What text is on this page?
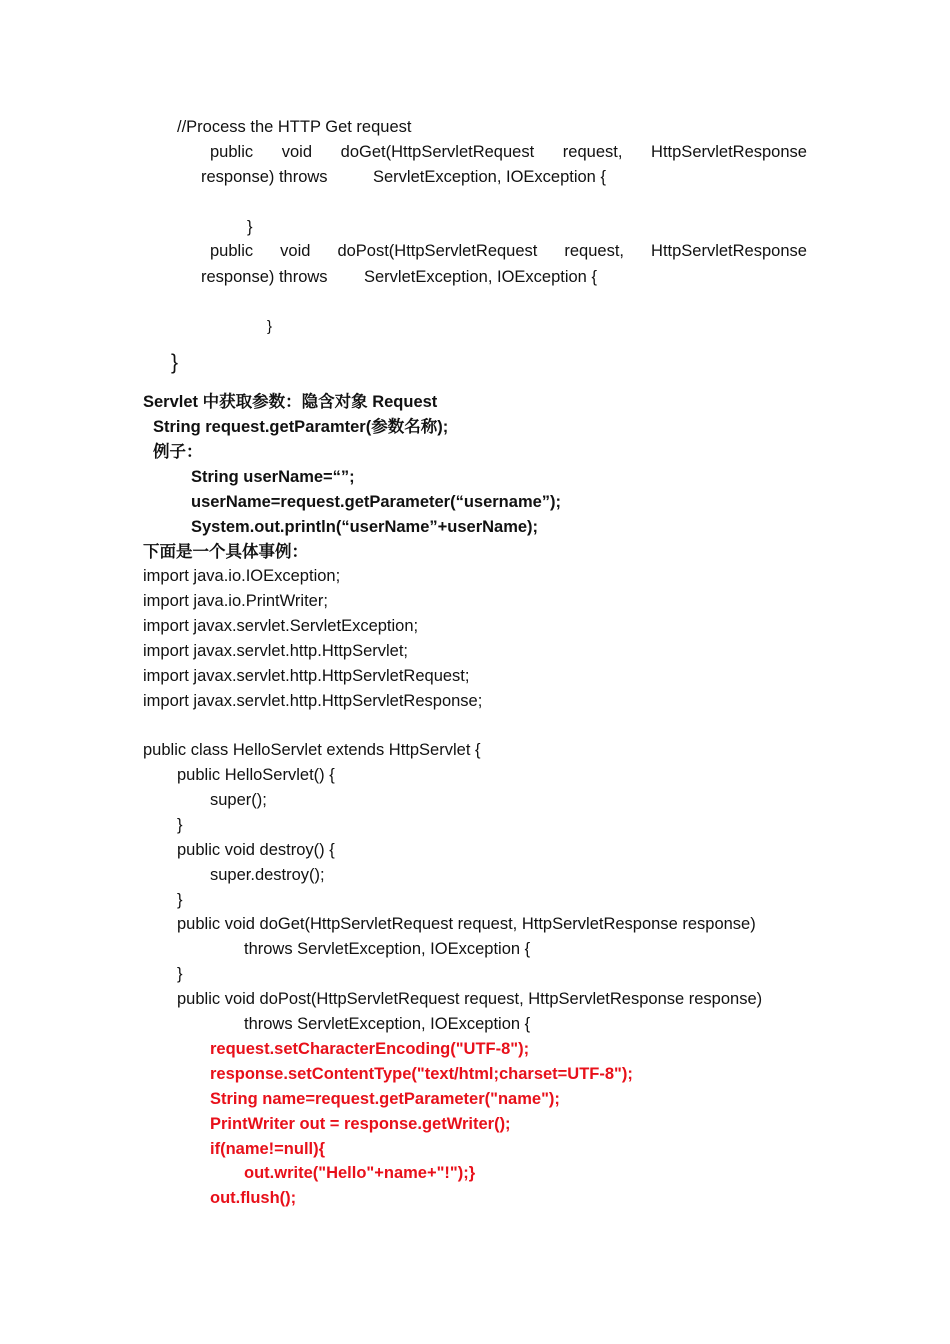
//Process the HTTP Get request
public void doGet(HttpServletRequest request, HttpServletResponse
response) throws	ServletException, IOException {
}
public void doPost(HttpServletRequest request, HttpServletResponse
response) throws ServletException, IOException {
}
}
Servlet 中获取参数：隐含对象 Request
String request.getParamter(参数名称);
例子：
String userName=“”;
userName=request.getParameter(“username”);
System.out.println(“userName”+userName);
下面是一个具体事例：
import java.io.IOException;
import java.io.PrintWriter;
import javax.servlet.ServletException;
import javax.servlet.http.HttpServlet;
import javax.servlet.http.HttpServletRequest;
import javax.servlet.http.HttpServletResponse;
public class HelloServlet extends HttpServlet {
public HelloServlet() {
super();
}
public void destroy() {
super.destroy();
}
public void doGet(HttpServletRequest request, HttpServletResponse response)
throws ServletException, IOException {
}
public void doPost(HttpServletRequest request, HttpServletResponse response)
throws ServletException, IOException {
request.setCharacterEncoding("UTF-8");
response.setContentType("text/html;charset=UTF-8");
String name=request.getParameter("name");
PrintWriter out = response.getWriter();
if(name!=null){
out.write("Hello"+name+"!");}
out.flush();
